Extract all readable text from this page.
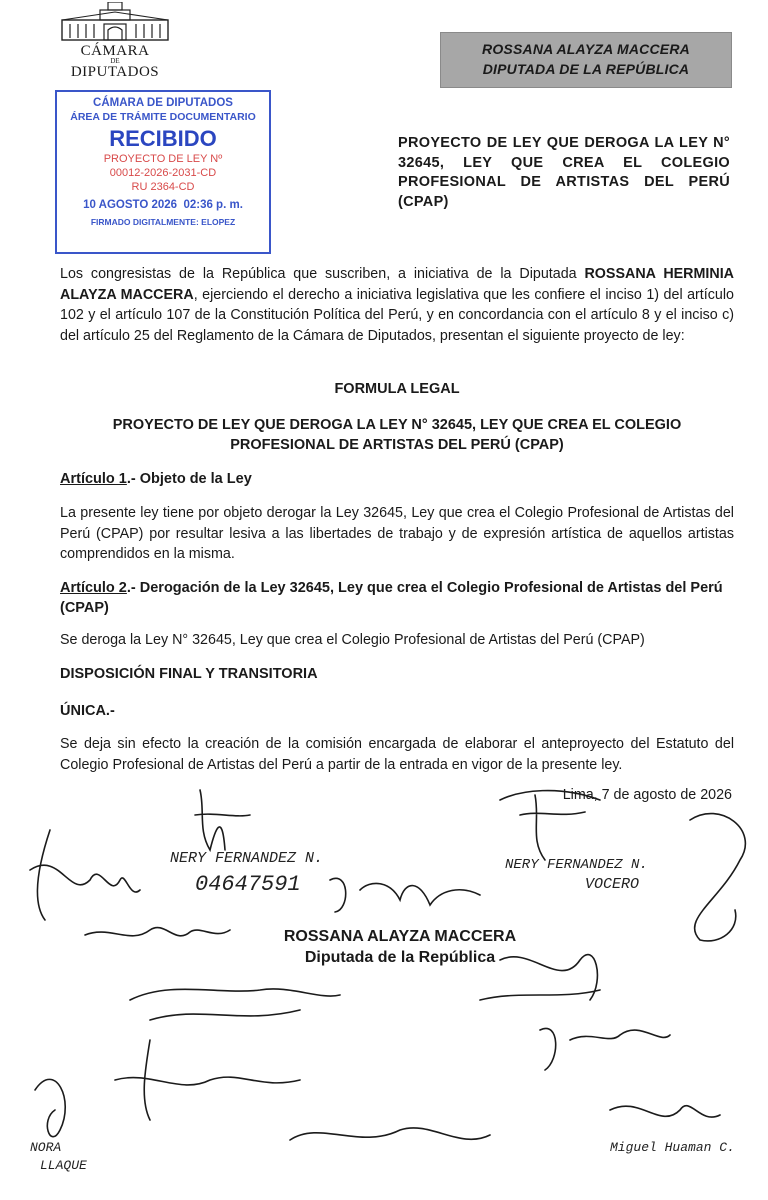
CÁMARA
DE
DIPUTADOS
ROSSANA ALAYZA MACCERA
DIPUTADA DE LA REPÚBLICA
CÁMARA DE DIPUTADOS
ÁREA DE TRÁMITE DOCUMENTARIO
RECIBIDO
PROYECTO DE LEY Nº
00012-2026-2031-CD
RU 2364-CD
10 AGOSTO 2026  02:36 p. m.
FIRMADO DIGITALMENTE: ELOPEZ
PROYECTO DE LEY QUE DEROGA LA LEY N° 32645, LEY QUE CREA EL COLEGIO PROFESIONAL DE ARTISTAS DEL PERÚ (CPAP)
Los congresistas de la República que suscriben, a iniciativa de la Diputada ROSSANA HERMINIA ALAYZA MACCERA, ejerciendo el derecho a iniciativa legislativa que les confiere el inciso 1) del artículo 102 y el artículo 107 de la Constitución Política del Perú, y en concordancia con el artículo 8 y el inciso c) del artículo 25 del Reglamento de la Cámara de Diputados, presentan el siguiente proyecto de ley:
FORMULA LEGAL
PROYECTO DE LEY QUE DEROGA LA LEY N° 32645, LEY QUE CREA EL COLEGIO
PROFESIONAL DE ARTISTAS DEL PERÚ (CPAP)
Artículo 1.- Objeto de la Ley
La presente ley tiene por objeto derogar la Ley 32645, Ley que crea el Colegio Profesional de Artistas del Perú (CPAP) por resultar lesiva a las libertades de trabajo y de expresión artística de aquellos artistas comprendidos en la misma.
Artículo 2.- Derogación de la Ley 32645, Ley que crea el Colegio Profesional de Artistas del Perú (CPAP)
Se deroga la Ley N° 32645, Ley que crea el Colegio Profesional de Artistas del Perú (CPAP)
DISPOSICIÓN FINAL Y TRANSITORIA
ÚNICA.-
Se deja sin efecto la creación de la comisión encargada de elaborar el anteproyecto del Estatuto del Colegio Profesional de Artistas del Perú a partir de la entrada en vigor de la presente ley.
Lima, 7 de agosto de 2026
NERY FERNANDEZ N.
04647591
NERY FERNANDEZ N.
VOCERO
NORA
LLAQUE
Miguel Huaman C.
ROSSANA ALAYZA MACCERA
Diputada de la República
